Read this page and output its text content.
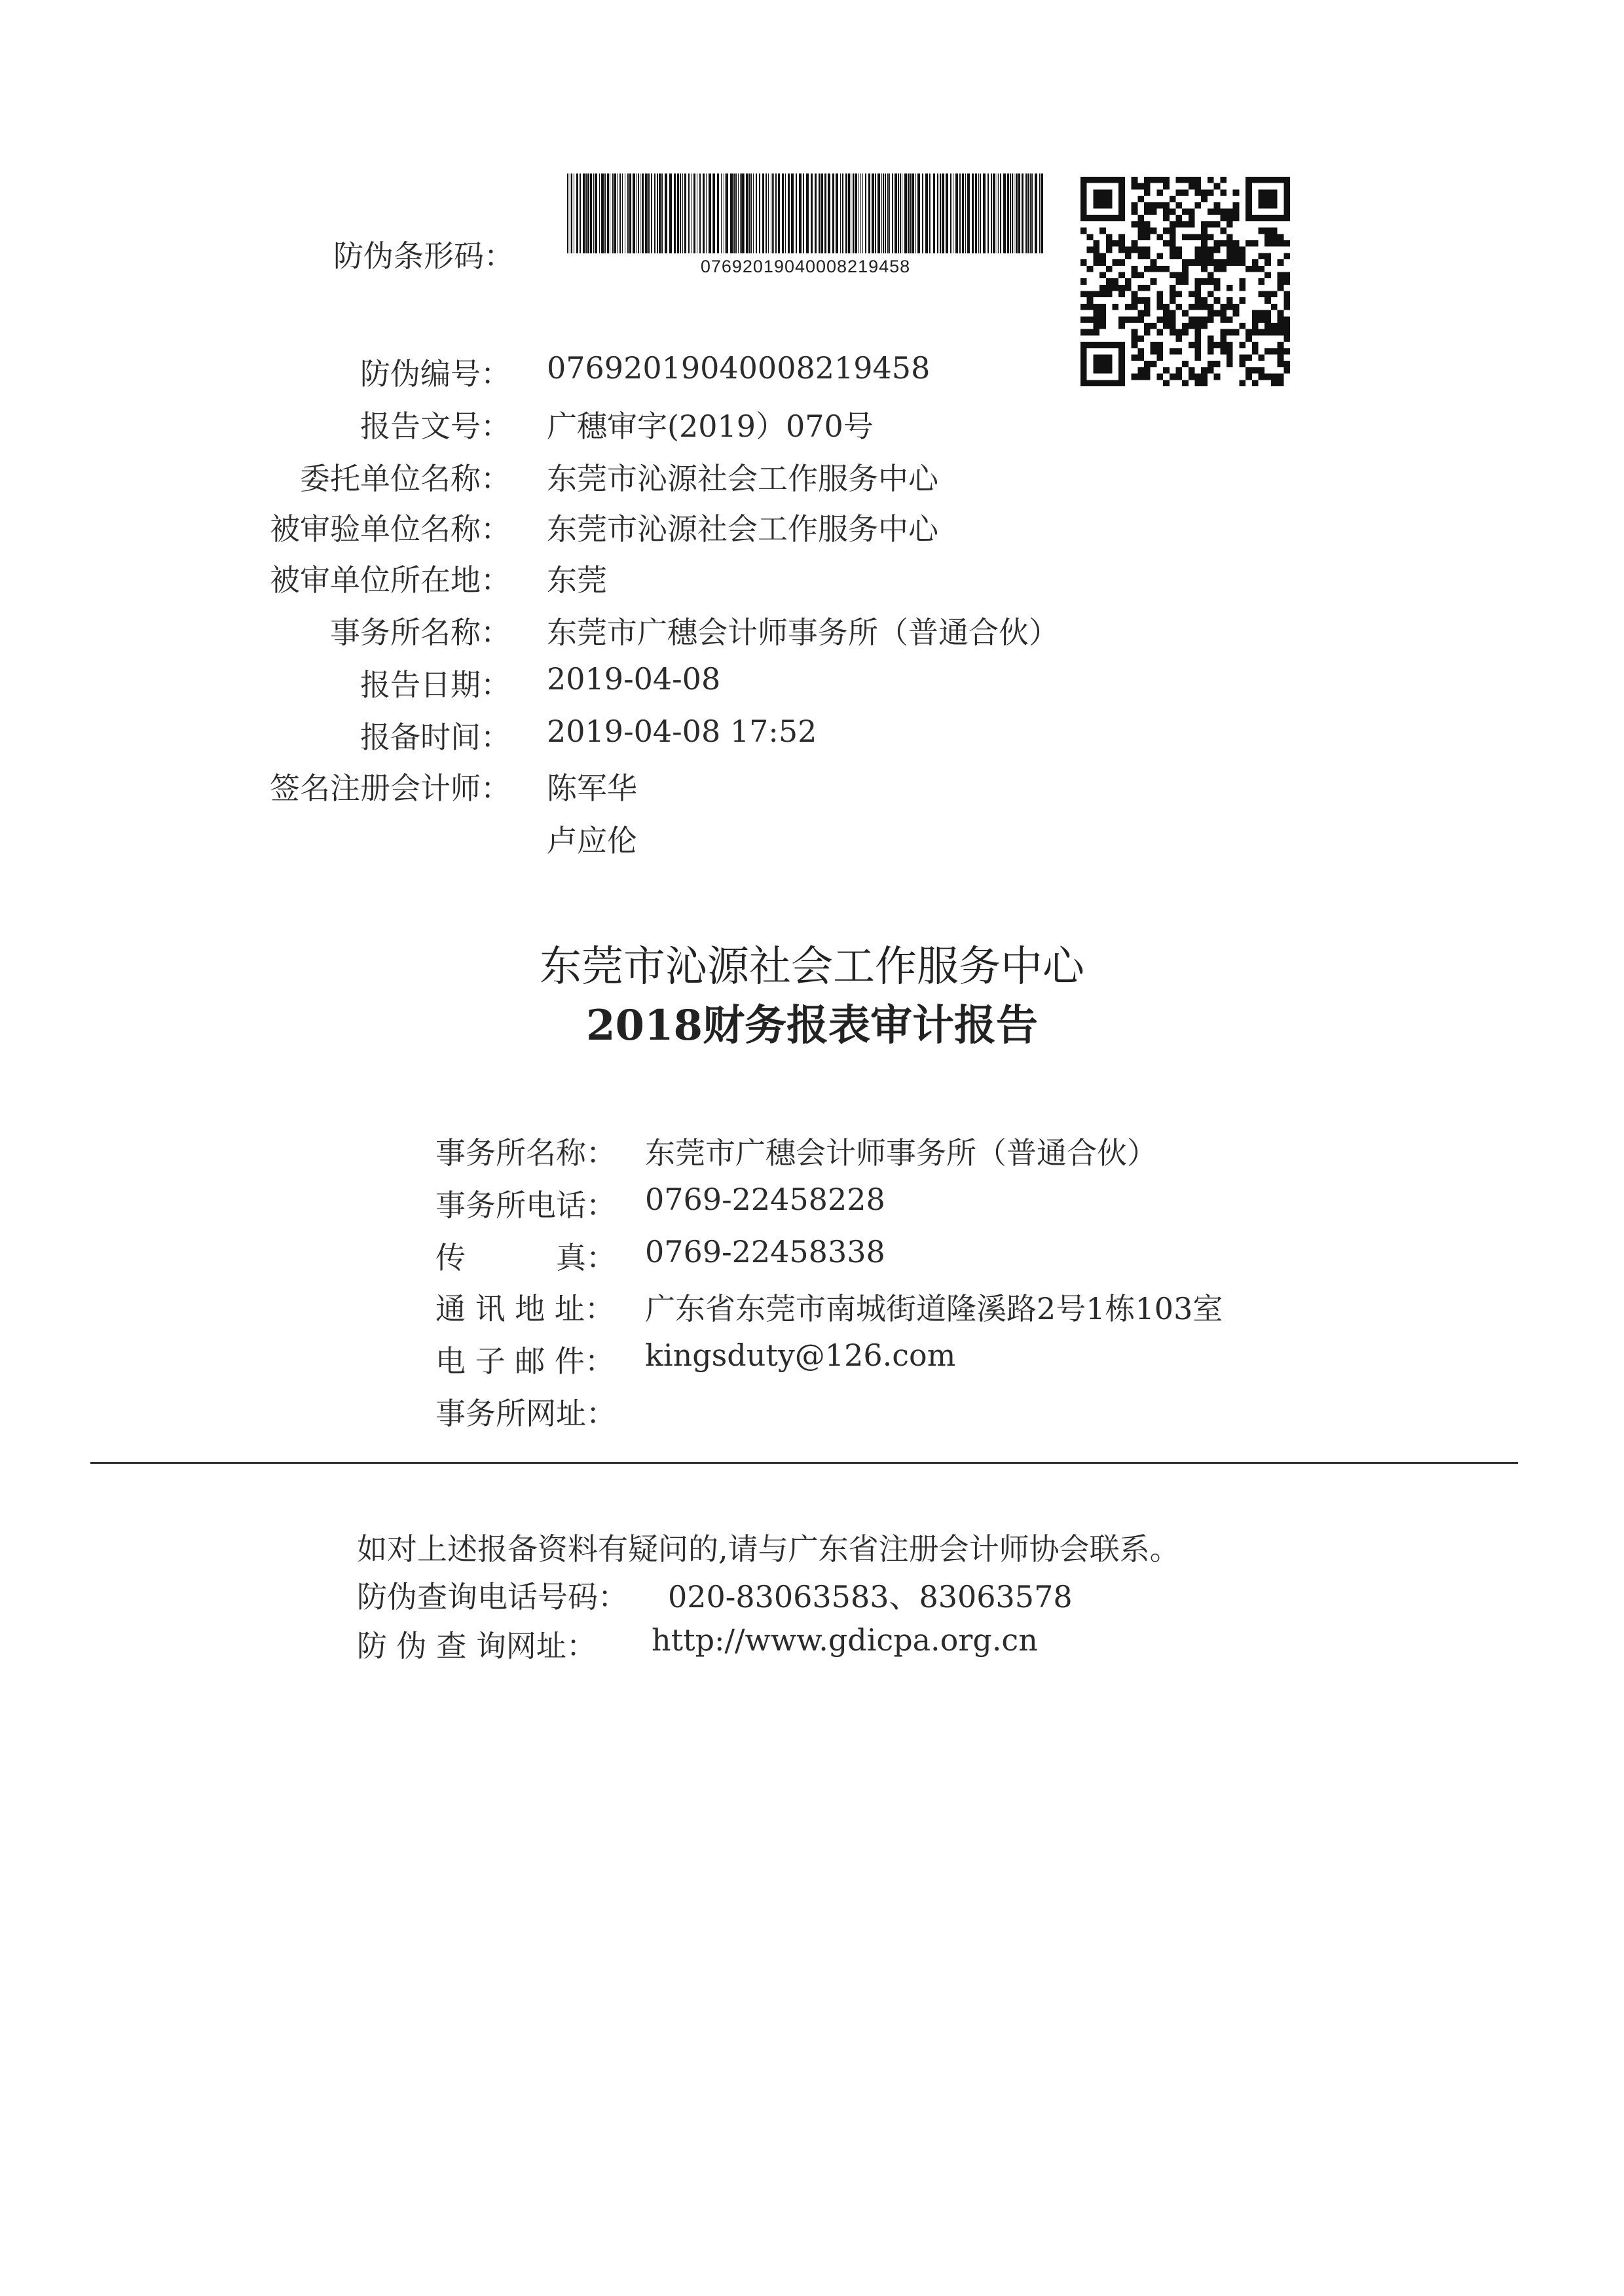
防伪条形码：	07692019040008219458
防伪编号： 07692019040008219458
报告文号： 广穗审字(2019）070号
委托单位名称： 东莞市沁源社会工作服务中心
被审验单位名称： 东莞市沁源社会工作服务中心
被审单位所在地： 东莞
事务所名称： 东莞市广穗会计师事务所（普通合伙）
报告日期： 2019-04-08
报备时间： 2019-04-08 17:52
签名注册会计师： 陈军华
卢应伦
东莞市沁源社会工作服务中心
2018财务报表审计报告
事务所名称： 东莞市广穗会计师事务所（普通合伙）
事务所电话： 0769-22458228
传　　　真： 0769-22458338
通 讯 地 址：	广东省东莞市南城街道隆溪路2号1栋103室
电 子 邮 件：	kingsduty@126.com
事务所网址：
如对上述报备资料有疑问的,请与广东省注册会计师协会联系。
防伪查询电话号码： 020-83063583、83063578
防 伪 查 询网址： http://www.gdicpa.org.cn
